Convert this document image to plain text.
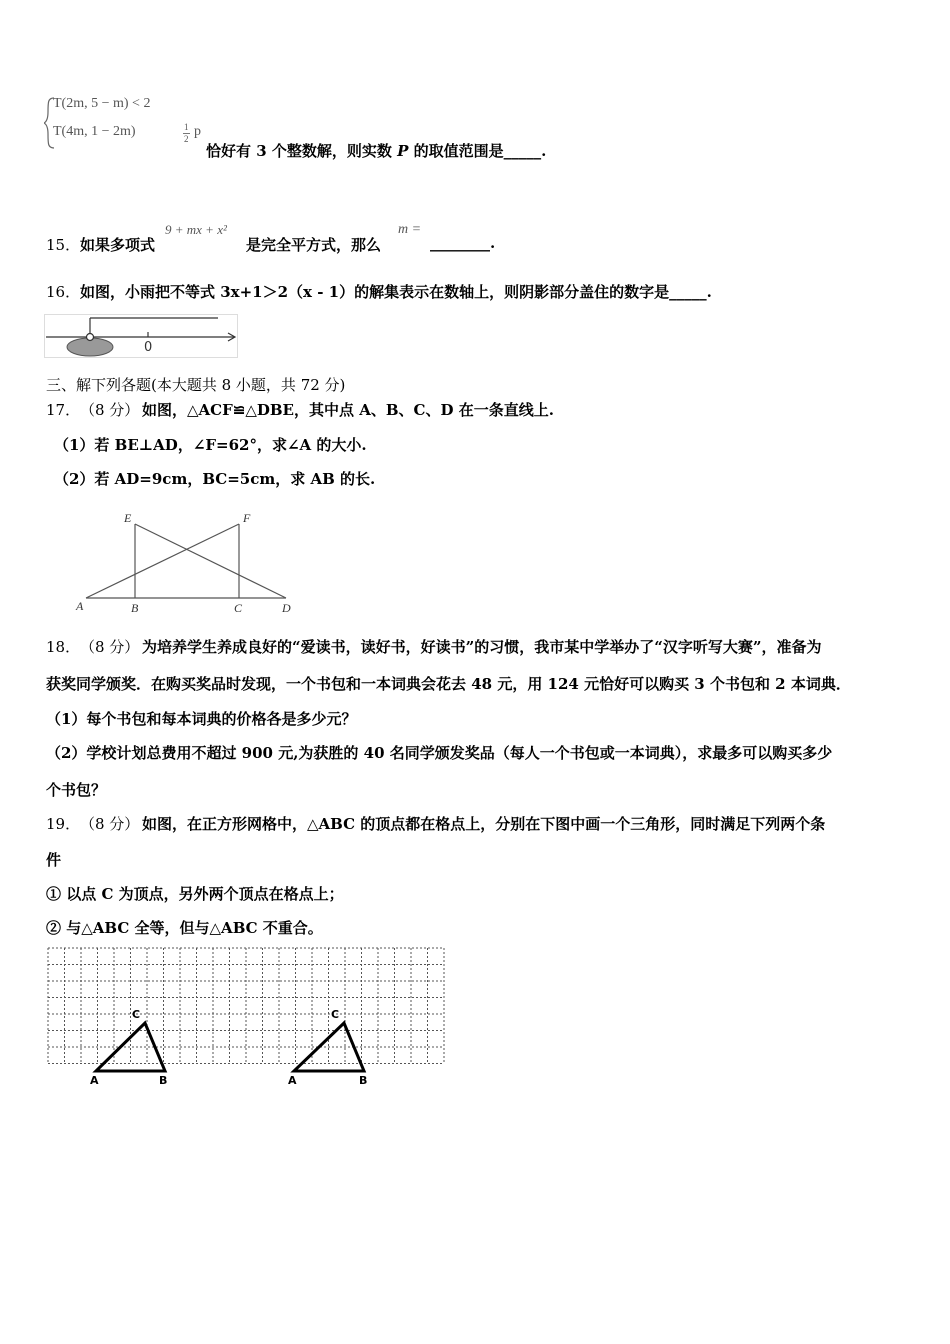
T(2m, 5 − m) < 2
T(4m, 1 − 2m)	1
2 p
恰好有 3 个整数解，则实数 P 的取值范围是_____.
15． 如果多项式
9 + mx + x²
是完全平方式，那么
m =
________.
16． 如图，小雨把不等式 3x+1＞2（x - 1）的解集表示在数轴上，则阴影部分盖住的数字是_____.
0
三、解下列各题(本大题共 8 小题，共 72 分)
17． （8 分） 如图，△ACF≌△DBE，其中点 A、B、C、D 在一条直线上.
（1）若 BE⊥AD，∠F=62°，求∠A 的大小.
（2）若 AD=9cm，BC=5cm，求 AB 的长.
E	F
A	B	C	D
18． （8 分） 为培养学生养成良好的“爱读书，读好书，好读书”的习惯，我市某中学举办了“汉字听写大赛”，准备为
获奖同学颁奖．在购买奖品时发现，一个书包和一本词典会花去 48 元，用 124 元恰好可以购买 3 个书包和 2 本词典．
（1）每个书包和每本词典的价格各是多少元？
（2）学校计划总费用不超过 900 元,为获胜的 40 名同学颁发奖品（每人一个书包或一本词典），求最多可以购买多少
个书包？
19． （8 分） 如图，在正方形网格中，△ABC 的顶点都在格点上，分别在下图中画一个三角形，同时满足下列两个条
件
① 以点 C 为顶点，另外两个顶点在格点上；
② 与△ABC 全等，但与△ABC 不重合。
C
A	B
C
A	B
